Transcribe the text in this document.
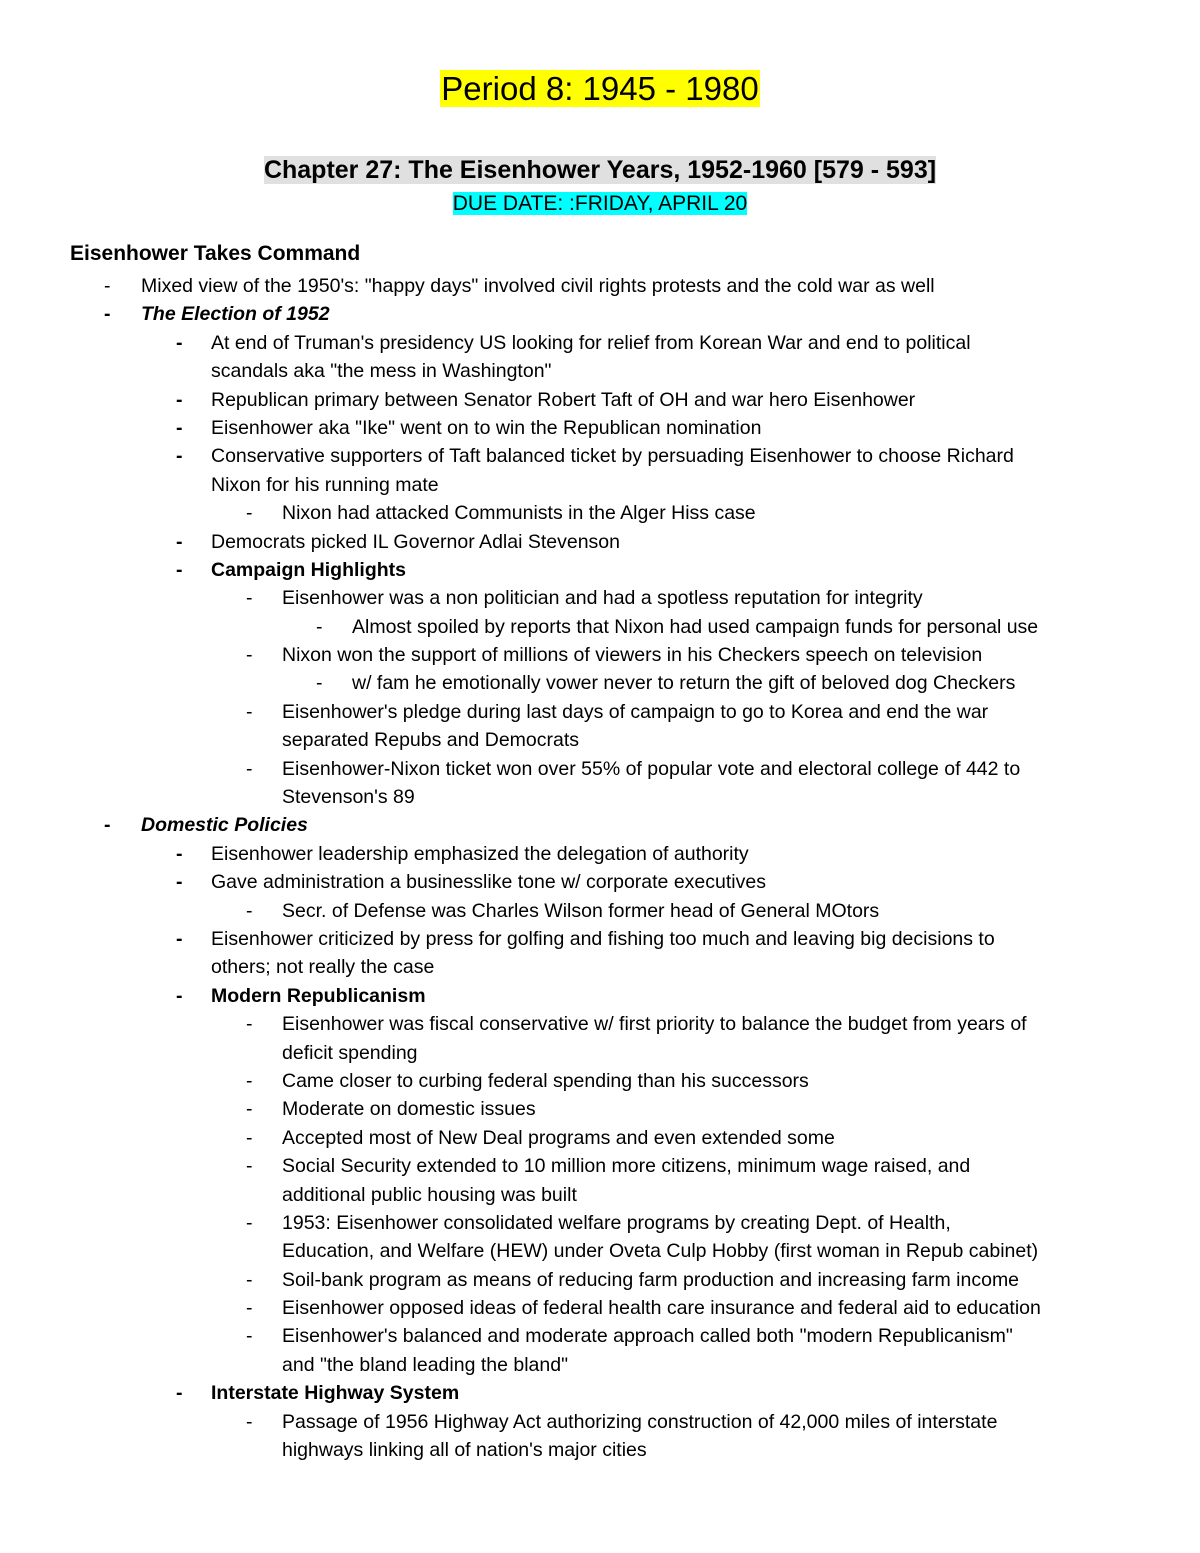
Period 8: 1945 - 1980
Chapter 27: The Eisenhower Years, 1952-1960 [579 - 593]
DUE DATE: :FRIDAY, APRIL 20
Eisenhower Takes Command
- Mixed view of the 1950's: "happy days" involved civil rights protests and the cold war as well
- The Election of 1952
- At end of Truman's presidency US looking for relief from Korean War and end to political
scandals aka "the mess in Washington"
- Republican primary between Senator Robert Taft of OH and war hero Eisenhower
- Eisenhower aka "Ike" went on to win the Republican nomination
- Conservative supporters of Taft balanced ticket by persuading Eisenhower to choose Richard
Nixon for his running mate
- Nixon had attacked Communists in the Alger Hiss case
- Democrats picked IL Governor Adlai Stevenson
- Campaign Highlights
- Eisenhower was a non politician and had a spotless reputation for integrity
- Almost spoiled by reports that Nixon had used campaign funds for personal use
- Nixon won the support of millions of viewers in his Checkers speech on television
- w/ fam he emotionally vower never to return the gift of beloved dog Checkers
- Eisenhower's pledge during last days of campaign to go to Korea and end the war
separated Repubs and Democrats
- Eisenhower-Nixon ticket won over 55% of popular vote and electoral college of 442 to
Stevenson's 89
- Domestic Policies
- Eisenhower leadership emphasized the delegation of authority
- Gave administration a businesslike tone w/ corporate executives
- Secr. of Defense was Charles Wilson former head of General MOtors
- Eisenhower criticized by press for golfing and fishing too much and leaving big decisions to
others; not really the case
- Modern Republicanism
- Eisenhower was fiscal conservative w/ first priority to balance the budget from years of
deficit spending
- Came closer to curbing federal spending than his successors
- Moderate on domestic issues
- Accepted most of New Deal programs and even extended some
- Social Security extended to 10 million more citizens, minimum wage raised, and
additional public housing was built
- 1953: Eisenhower consolidated welfare programs by creating Dept. of Health,
Education, and Welfare (HEW) under Oveta Culp Hobby (first woman in Repub cabinet)
- Soil-bank program as means of reducing farm production and increasing farm income
- Eisenhower opposed ideas of federal health care insurance and federal aid to education
- Eisenhower's balanced and moderate approach called both "modern Republicanism"
and "the bland leading the bland"
- Interstate Highway System
- Passage of 1956 Highway Act authorizing construction of 42,000 miles of interstate
highways linking all of nation's major cities
